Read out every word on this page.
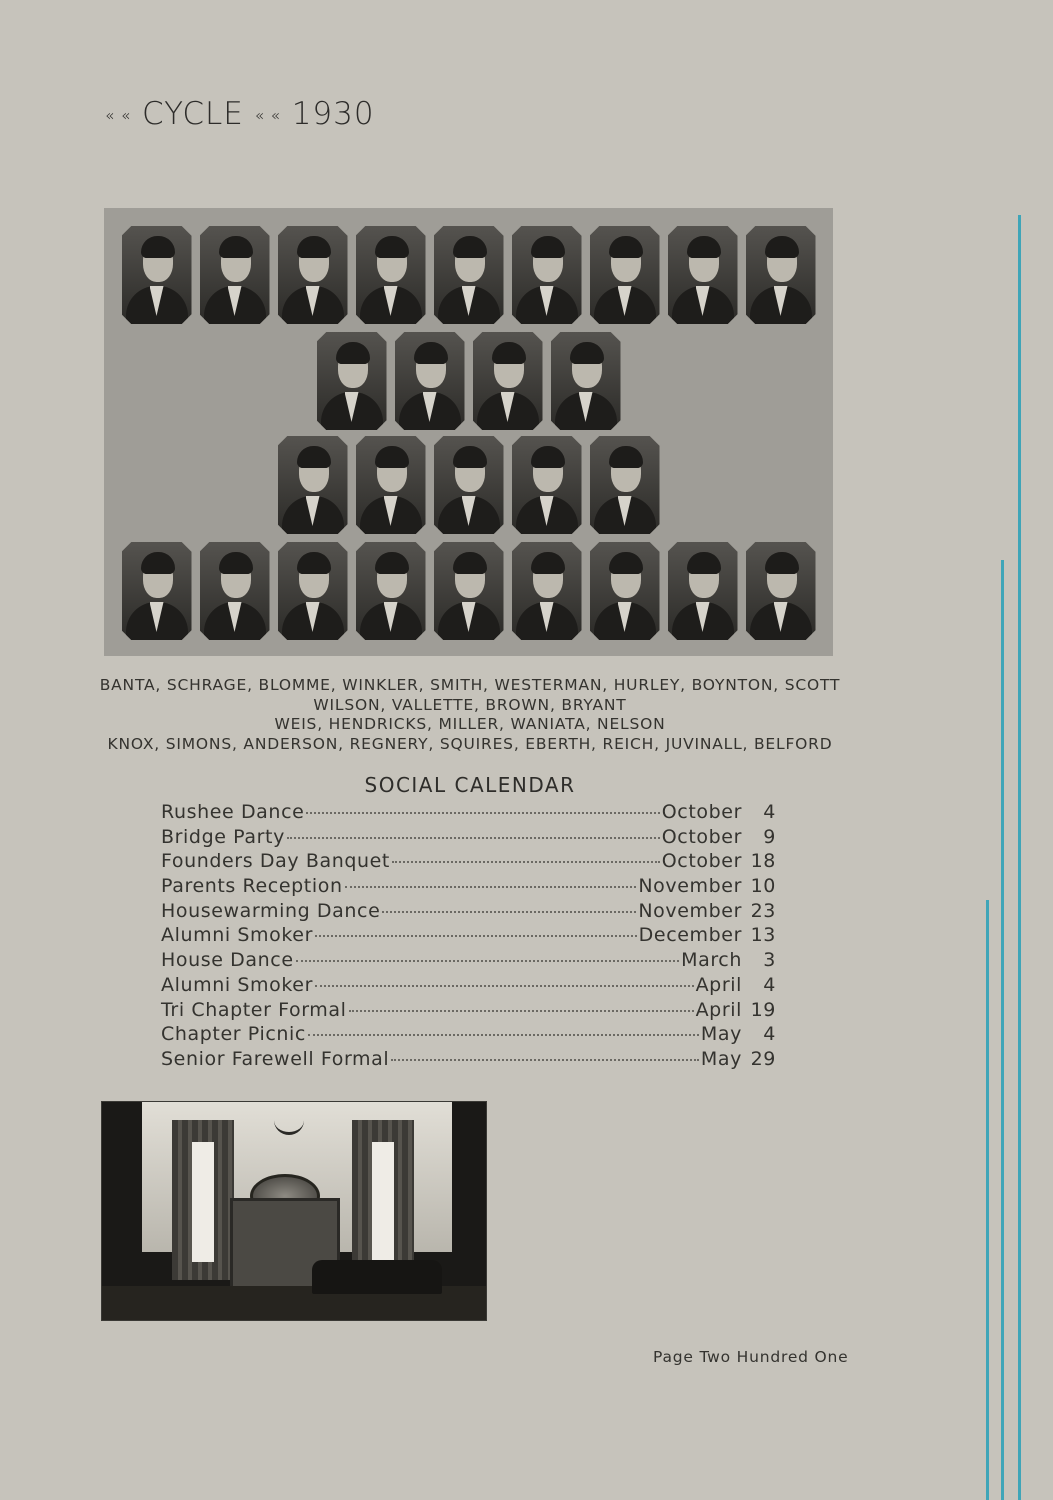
« « CYCLE « « 1930
BANTA, SCHRAGE, BLOMME, WINKLER, SMITH, WESTERMAN, HURLEY, BOYNTON, SCOTT
WILSON, VALLETTE, BROWN, BRYANT
WEIS, HENDRICKS, MILLER, WANIATA, NELSON
KNOX, SIMONS, ANDERSON, REGNERY, SQUIRES, EBERTH, REICH, JUVINALL, BELFORD
SOCIAL CALENDAR
Rushee Dance	October	4
Bridge Party	October	9
Founders Day Banquet	October 18
Parents Reception	November 10
Housewarming Dance	November 23
Alumni Smoker	December 13
House Dance	March	3
Alumni Smoker	April	4
Tri Chapter Formal	April 19
Chapter Picnic	May	4
Senior Farewell Formal	May 29
Page Two Hundred One
